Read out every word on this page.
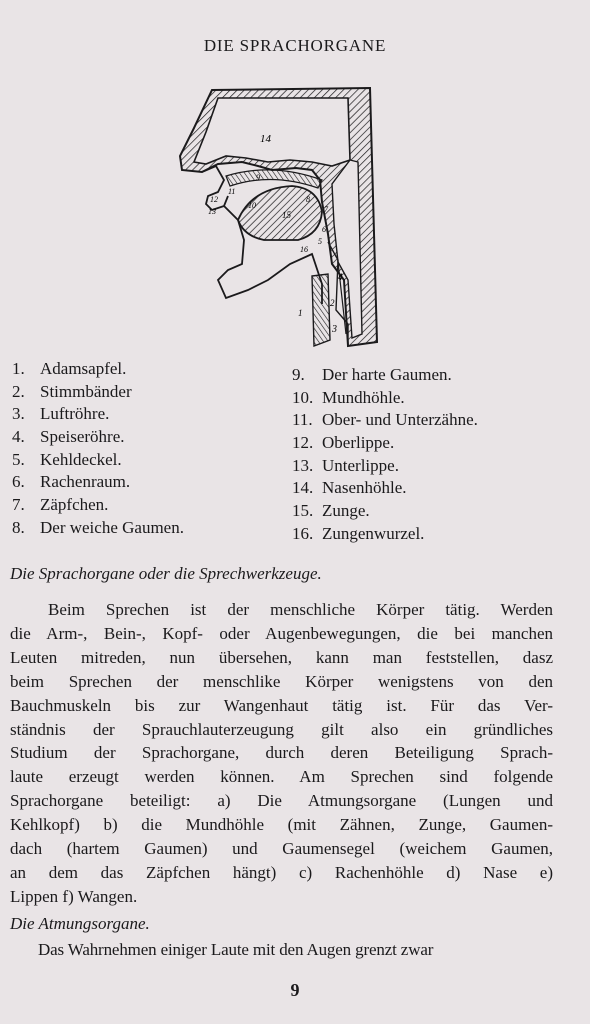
DIE SPRACHORGANE
14
12
11
9
13
10
15
8
7
6
16
5
4
2
1
3
1. Adamsapfel.
2. Stimmbänder
3. Luftröhre.
4. Speiseröhre.
5. Kehldeckel.
6. Rachenraum.
7. Zäpfchen.
8. Der weiche Gaumen.
9. Der harte Gaumen.
10. Mundhöhle.
11. Ober- und Unterzähne.
12. Oberlippe.
13. Unterlippe.
14. Nasenhöhle.
15. Zunge.
16. Zungenwurzel.
Die Sprachorgane oder die Sprechwerkzeuge.
Beim Sprechen ist der menschliche Körper tätig. Werden
die Arm-, Bein-, Kopf- oder Augenbewegungen, die bei manchen
Leuten mitreden, nun übersehen, kann man feststellen, dasz
beim Sprechen der menschlike Körper wenigstens von den
Bauchmuskeln bis zur Wangenhaut tätig ist. Für das Ver-
ständnis der Sprauchlauterzeugung gilt also ein gründliches
Studium der Sprachorgane, durch deren Beteiligung Sprach-
laute erzeugt werden können. Am Sprechen sind folgende
Sprachorgane beteiligt: a) Die Atmungsorgane (Lungen und
Kehlkopf) b) die Mundhöhle (mit Zähnen, Zunge, Gaumen-
dach (hartem Gaumen) und Gaumensegel (weichem Gaumen,
an dem das Zäpfchen hängt) c) Rachenhöhle d) Nase e)
Lippen f) Wangen.
Die Atmungsorgane.
Das Wahrnehmen einiger Laute mit den Augen grenzt zwar
9
